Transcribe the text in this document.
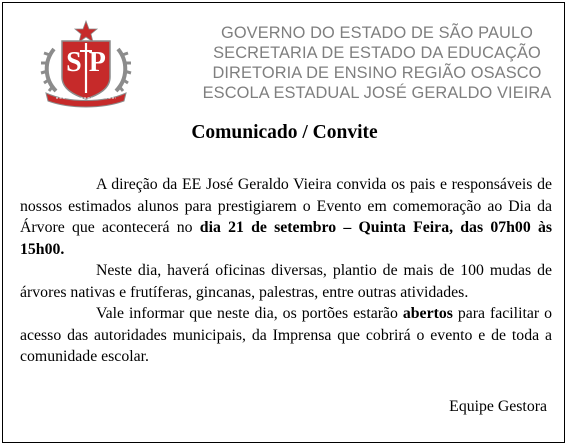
S P
GOVERNO DO ESTADO DE SÃO PAULO
SECRETARIA DE ESTADO DA EDUCAÇÃO
DIRETORIA DE ENSINO REGIÃO OSASCO
ESCOLA ESTADUAL JOSÉ GERALDO VIEIRA
Comunicado / Convite

A direção da EE José Geraldo Vieira convida os pais e responsáveis de nossos estimados alunos para prestigiarem o Evento em comemoração ao Dia da Árvore que acontecerá no dia 21 de setembro – Quinta Feira, das 07h00 às 15h00.

Neste dia, haverá oficinas diversas, plantio de mais de 100 mudas de árvores nativas e frutíferas, gincanas, palestras, entre outras atividades.

Vale informar que neste dia, os portões estarão abertos para facilitar o acesso das autoridades municipais, da Imprensa que cobrirá o evento e de toda a comunidade escolar.

Equipe Gestora
